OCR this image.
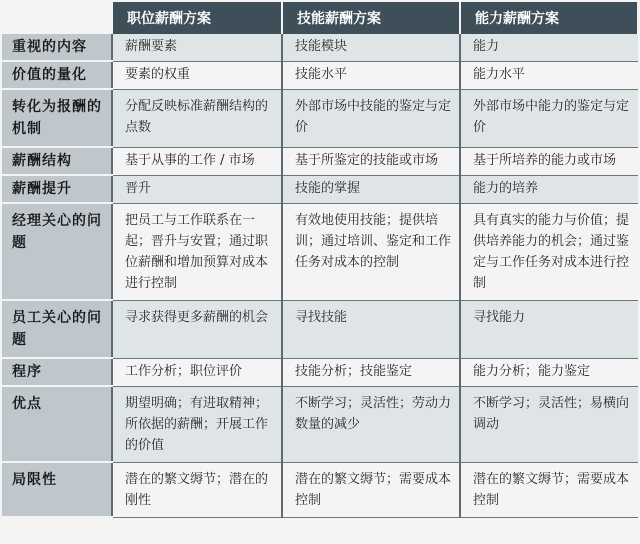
	职位薪酬方案	技能薪酬方案	能力薪酬方案
重视的内容	薪酬要素	技能模块	能力
价值的量化	要素的权重	技能水平	能力水平
转化为报酬的机制	分配反映标准薪酬结构的点数	外部市场中技能的鉴定与定价	外部市场中能力的鉴定与定价
薪酬结构	基于从事的工作 / 市场	基于所鉴定的技能或市场	基于所培养的能力或市场
薪酬提升	晋升	技能的掌握	能力的培养
经理关心的问题	把员工与工作联系在一起；晋升与安置；通过职位薪酬和增加预算对成本进行控制	有效地使用技能；提供培训；通过培训、鉴定和工作任务对成本的控制	具有真实的能力与价值；提供培养能力的机会；通过鉴定与工作任务对成本进行控制
员工关心的问题	寻求获得更多薪酬的机会	寻找技能	寻找能力
程序	工作分析；职位评价	技能分析；技能鉴定	能力分析；能力鉴定
优点	期望明确；有进取精神；所依据的薪酬；开展工作的价值	不断学习；灵活性；劳动力数量的减少	不断学习；灵活性；易横向调动
局限性	潜在的繁文缛节；潜在的刚性	潜在的繁文缛节；需要成本控制	潜在的繁文缛节；需要成本控制
